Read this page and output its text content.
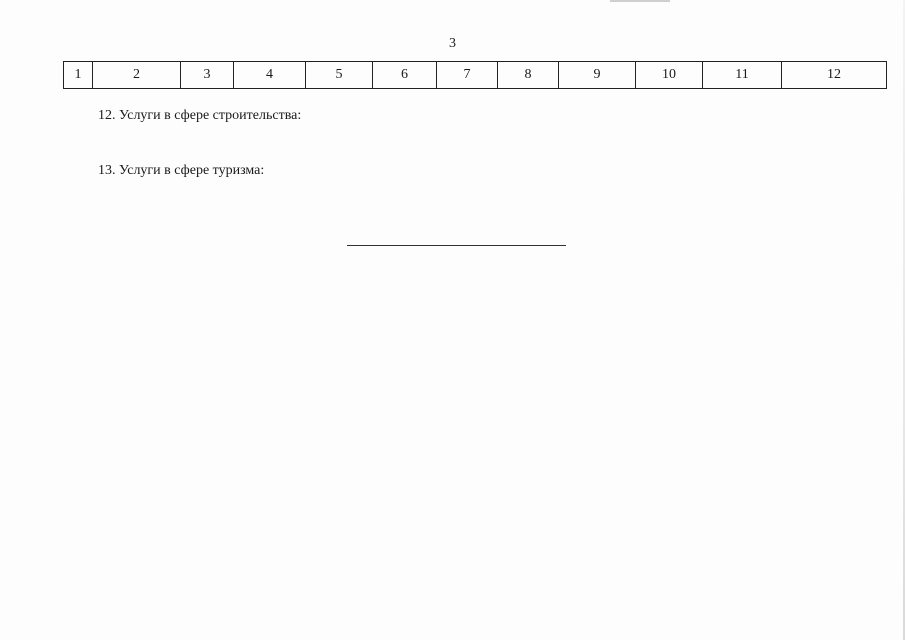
3
1	2	3	4	5	6	7	8	9	10	11	12
12. Услуги в сфере строительства:
13. Услуги в сфере туризма:
